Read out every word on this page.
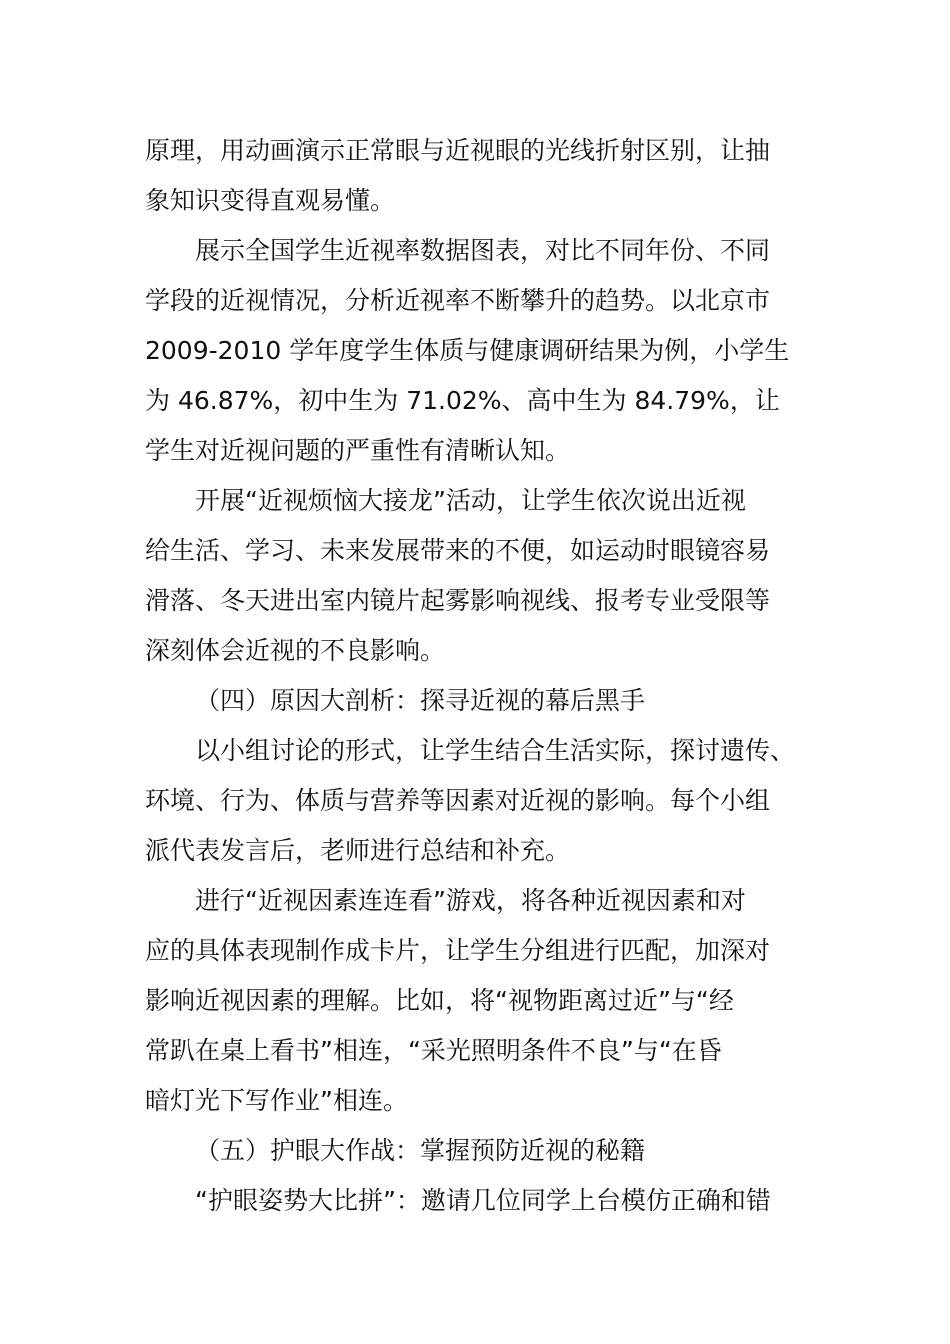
原理，用动画演示正常眼与近视眼的光线折射区别，让抽
象知识变得直观易懂。
展示全国学生近视率数据图表，对比不同年份、不同
学段的近视情况，分析近视率不断攀升的趋势。以北京市
2009-2010 学年度学生体质与健康调研结果为例，小学生
为 46.87%，初中生为 71.02%、高中生为 84.79%，让
学生对近视问题的严重性有清晰认知。
开展“近视烦恼大接龙”活动，让学生依次说出近视
给生活、学习、未来发展带来的不便，如运动时眼镜容易
滑落、冬天进出室内镜片起雾影响视线、报考专业受限等
深刻体会近视的不良影响。
（四）原因大剖析：探寻近视的幕后黑手
以小组讨论的形式，让学生结合生活实际，探讨遗传、
环境、行为、体质与营养等因素对近视的影响。每个小组
派代表发言后，老师进行总结和补充。
进行“近视因素连连看”游戏，将各种近视因素和对
应的具体表现制作成卡片，让学生分组进行匹配，加深对
影响近视因素的理解。比如，将“视物距离过近”与“经
常趴在桌上看书”相连，“采光照明条件不良”与“在昏
暗灯光下写作业”相连。
（五）护眼大作战：掌握预防近视的秘籍
“护眼姿势大比拼”：邀请几位同学上台模仿正确和错
